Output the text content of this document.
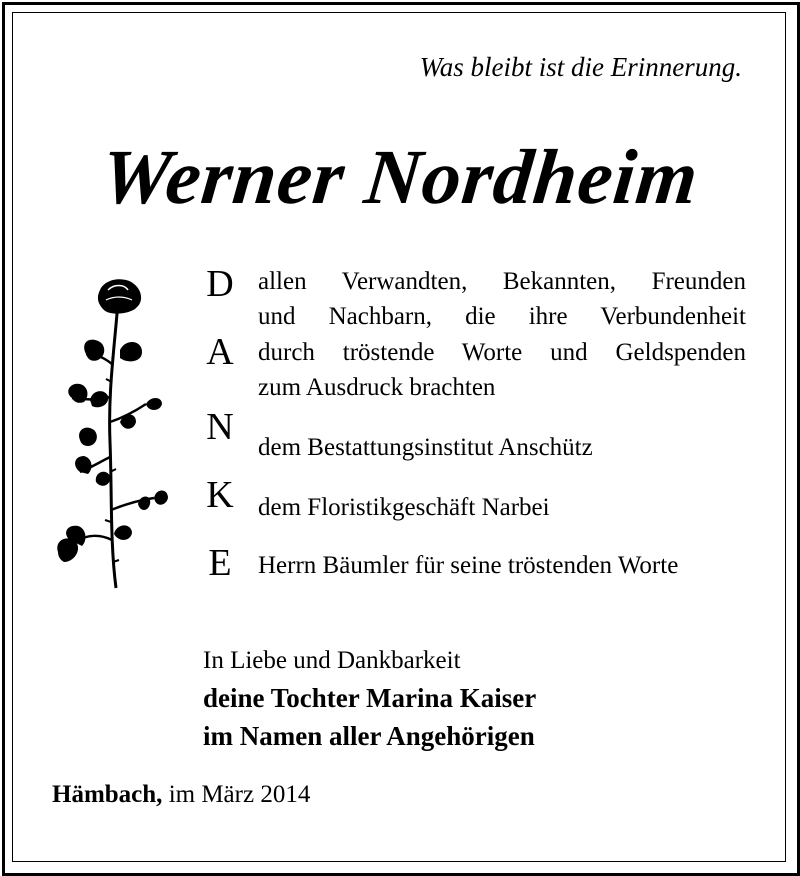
Was bleibt ist die Erinnerung.
Werner Nordheim
D
A
N
K
E
allen Verwandten, Bekannten, Freunden
und Nachbarn, die ihre Verbundenheit
durch tröstende Worte und Geldspenden
zum Ausdruck brachten
dem Bestattungsinstitut Anschütz
dem Floristikgeschäft Narbei
Herrn Bäumler für seine tröstenden Worte
In Liebe und Dankbarkeit
deine Tochter Marina Kaiser
im Namen aller Angehörigen
Hämbach, im März 2014
